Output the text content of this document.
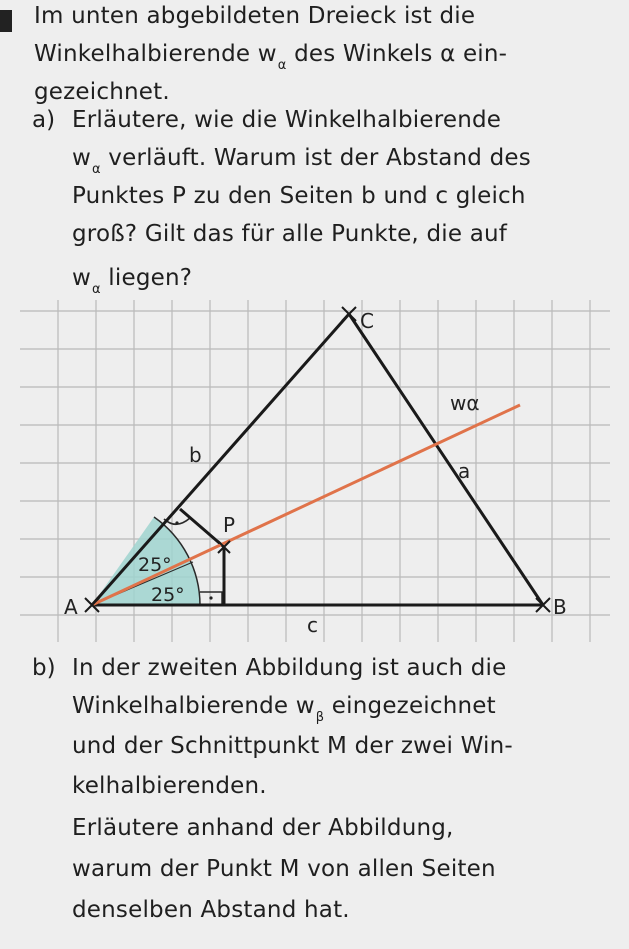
Im unten abgebildeten Dreieck ist die
Winkelhalbierende $w_\alpha$ des Winkels α ein-
gezeichnet.
a) Erläutere, wie die Winkelhalbierende
$w_\alpha$ verläuft. Warum ist der Abstand des
Punktes P zu den Seiten b und c gleich
groß? Gilt das für alle Punkte, die auf
$w_\alpha$ liegen?
A	B
C
a
b
c
P
25°
25°
wα
b) In der zweiten Abbildung ist auch die
Winkelhalbierende $w_\beta$ eingezeichnet
und der Schnittpunkt M der zwei Win-
kelhalbierenden.
Erläutere anhand der Abbildung,
warum der Punkt M von allen Seiten
denselben Abstand hat.
